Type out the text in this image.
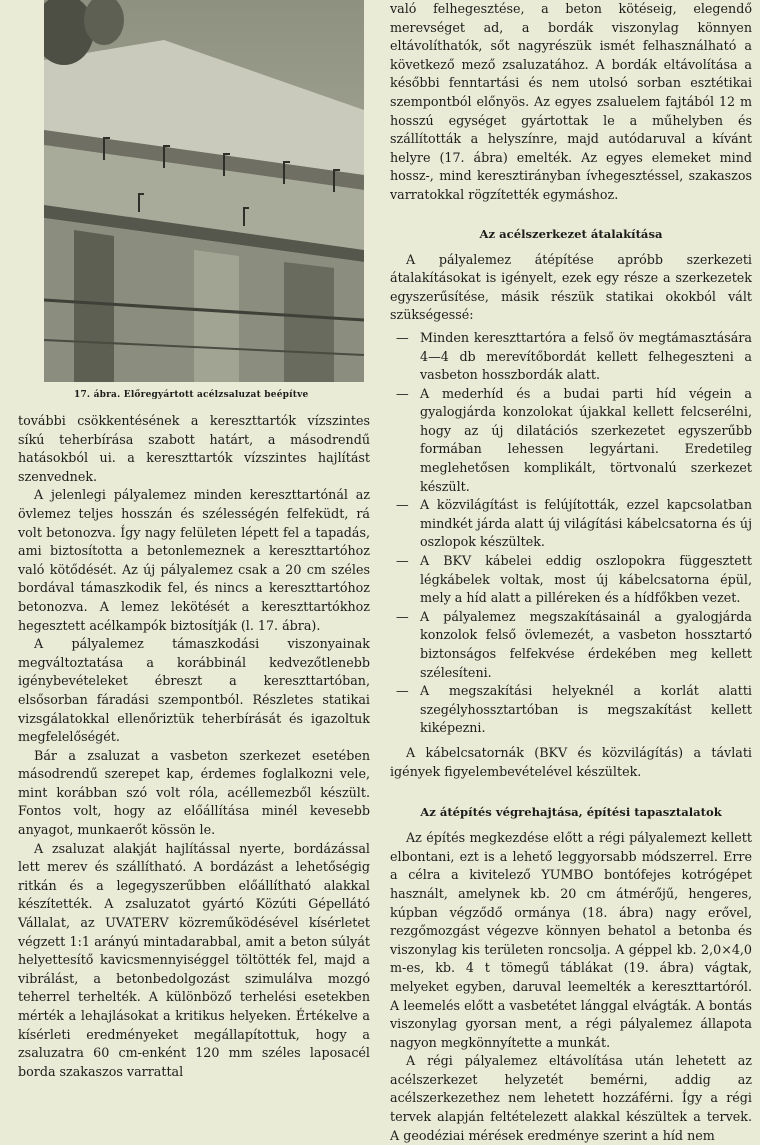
17. ábra. Előregyártott acélzsaluzat beépítve

további csökkentésének a kereszttartók vízszintes síkú teherbírása szabott határt, a másodrendű hatásokból ui. a kereszttartók vízszintes hajlítást szenvednek.

A jelenlegi pályalemez minden kereszttartónál az övlemez teljes hosszán és szélességén felfeküdt, rá volt betonozva. Így nagy felületen lépett fel a tapadás, ami biztosította a betonlemeznek a kereszttartóhoz való kötődését. Az új pályalemez csak a 20 cm széles bordával támaszkodik fel, és nincs a kereszttartóhoz betonozva. A lemez lekötését a kereszttartókhoz hegesztett acélkampók biztosítják (l. 17. ábra).

A pályalemez támaszkodási viszonyainak megváltoztatása a korábbinál kedvezőtlenebb igénybevételeket ébreszt a kereszttartóban, elsősorban fáradási szempontból. Részletes statikai vizsgálatokkal ellenőriztük teherbírását és igazoltuk megfelelőségét.

Bár a zsaluzat a vasbeton szerkezet esetében másodrendű szerepet kap, érdemes foglalkozni vele, mint korábban szó volt róla, acéllemezből készült. Fontos volt, hogy az előállítása minél kevesebb anyagot, munkaerőt kössön le.

A zsaluzat alakját hajlítással nyerte, bordázással lett merev és szállítható. A bordázást a lehetőségig ritkán és a legegyszerűbben előállítható alakkal készítették. A zsaluzatot gyártó Közúti Gépellátó Vállalat, az UVATERV közreműködésével kísérletet végzett 1:1 arányú mintadarabbal, amit a beton súlyát helyettesítő kavicsmennyiséggel töltötték fel, majd a vibrálást, a betonbedolgozást szimulálva mozgó teherrel terhelték. A különböző terhelési esetekben mérték a lehajlásokat a kritikus helyeken. Értékelve a kísérleti eredményeket megállapítottuk, hogy a zsaluzatra 60 cm-enként 120 mm széles laposacél borda szakaszos varrattal

való felhegesztése, a beton kötéseig, elegendő merevséget ad, a bordák viszonylag könnyen eltávolíthatók, sőt nagyrészük ismét felhasználható a következő mező zsaluzatához. A bordák eltávolítása a későbbi fenntartási és nem utolsó sorban esztétikai szempontból előnyös. Az egyes zsaluelem fajtából 12 m hosszú egységet gyártottak le a műhelyben és szállították a helyszínre, majd autódaruval a kívánt helyre (17. ábra) emelték. Az egyes elemeket mind hossz-, mind keresztirányban ívhegesztéssel, szakaszos varratokkal rögzítették egymáshoz.

Az acélszerkezet átalakítása

A pályalemez átépítése apróbb szerkezeti átalakításokat is igényelt, ezek egy része a szerkezetek egyszerűsítése, másik részük statikai okokból vált szükségessé:

— Minden kereszttartóra a felső öv megtámasztására 4—4 db merevítőbordát kellett felhegeszteni a vasbeton hosszbordák alatt.
— A mederhíd és a budai parti híd végein a gyalogjárda konzolokat újakkal kellett felcserélni, hogy az új dilatációs szerkezetet egyszerűbb formában lehessen legyártani. Eredetileg meglehetősen komplikált, törtvonalú szerkezet készült.
— A közvilágítást is felújították, ezzel kapcsolatban mindkét járda alatt új világítási kábelcsatorna és új oszlopok készültek.
— A BKV kábelei eddig oszlopokra függesztett légkábelek voltak, most új kábelcsatorna épül, mely a híd alatt a pilléreken és a hídfőkben vezet.
— A pályalemez megszakításainál a gyalogjárda konzolok felső övlemezét, a vasbeton hossztartó biztonságos felfekvése érdekében meg kellett szélesíteni.
— A megszakítási helyeknél a korlát alatti szegélyhossztartóban is megszakítást kellett kiképezni.

A kábelcsatornák (BKV és közvilágítás) a távlati igények figyelembevételével készültek.

Az átépítés végrehajtása, építési tapasztalatok

Az építés megkezdése előtt a régi pályalemezt kellett elbontani, ezt is a lehető leggyorsabb módszerrel. Erre a célra a kivitelező YUMBO bontófejes kotrógépet használt, amelynek kb. 20 cm átmérőjű, hengeres, kúpban végződő ormánya (18. ábra) nagy erővel, rezgőmozgást végezve könnyen behatol a betonba és viszonylag kis területen roncsolja. A géppel kb. 2,0×4,0 m-es, kb. 4 t tömegű táblákat (19. ábra) vágtak, melyeket egyben, daruval leemelték a kereszttartóról. A leemelés előtt a vasbetétet lánggal elvágták. A bontás viszonylag gyorsan ment, a régi pályalemez állapota nagyon megkönnyítette a munkát.

A régi pályalemez eltávolítása után lehetett az acélszerkezet helyzetét bemérni, addig az acélszerkezethez nem lehetett hozzáférni. Így a régi tervek alapján feltételezett alakkal készültek a tervek. A geodéziai mérések eredménye szerint a híd nem
